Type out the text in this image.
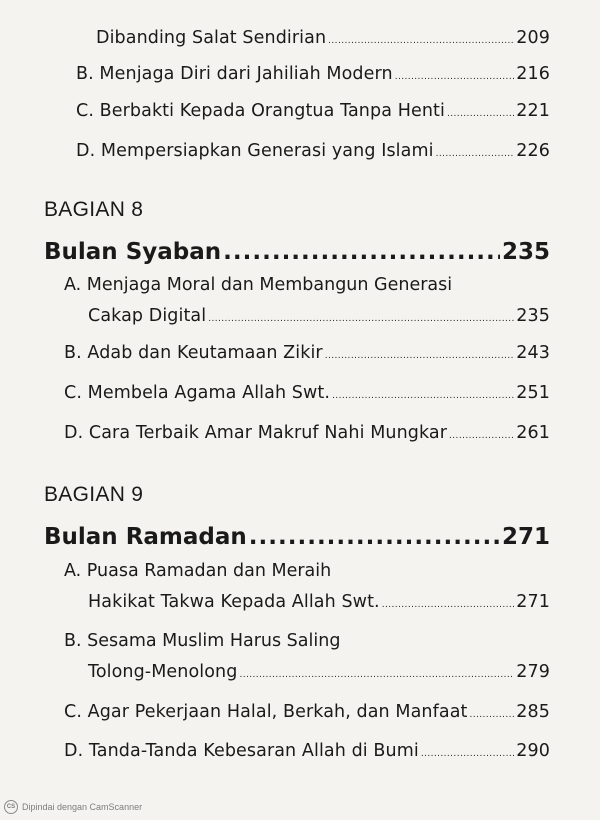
Dibanding Salat Sendirian .....	209
B. Menjaga Diri dari Jahiliah Modern .....	216
C. Berbakti Kepada Orangtua Tanpa Henti .....	221
D. Mempersiapkan Generasi yang Islami .....	226
BAGIAN 8
Bulan Syaban .....	235
A. Menjaga Moral dan Membangun Generasi
Cakap Digital .....	235
B. Adab dan Keutamaan Zikir .....	243
C. Membela Agama Allah Swt. .....	251
D. Cara Terbaik Amar Makruf Nahi Mungkar .....	261
BAGIAN 9
Bulan Ramadan .....	271
A. Puasa Ramadan dan Meraih
Hakikat Takwa Kepada Allah Swt. .....	271
B. Sesama Muslim Harus Saling
Tolong-Menolong .....	279
C. Agar Pekerjaan Halal, Berkah, dan Manfaat .....	285
D. Tanda-Tanda Kebesaran Allah di Bumi .....	290
CS Dipindai dengan CamScanner
